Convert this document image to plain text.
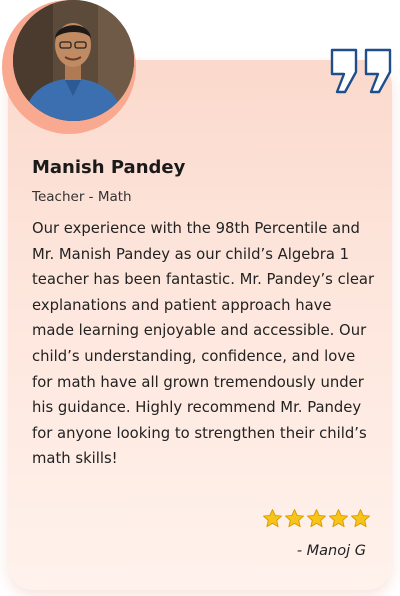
Manish Pandey
Teacher - Math

Our experience with the 98th Percentile and Mr. Manish Pandey as our child’s Algebra 1 teacher has been fantastic. Mr. Pandey’s clear explanations and patient approach have made learning enjoyable and accessible. Our child’s understanding, confidence, and love for math have all grown tremendously under his guidance. Highly recommend Mr. Pandey for anyone looking to strengthen their child’s math skills!

- Manoj G
